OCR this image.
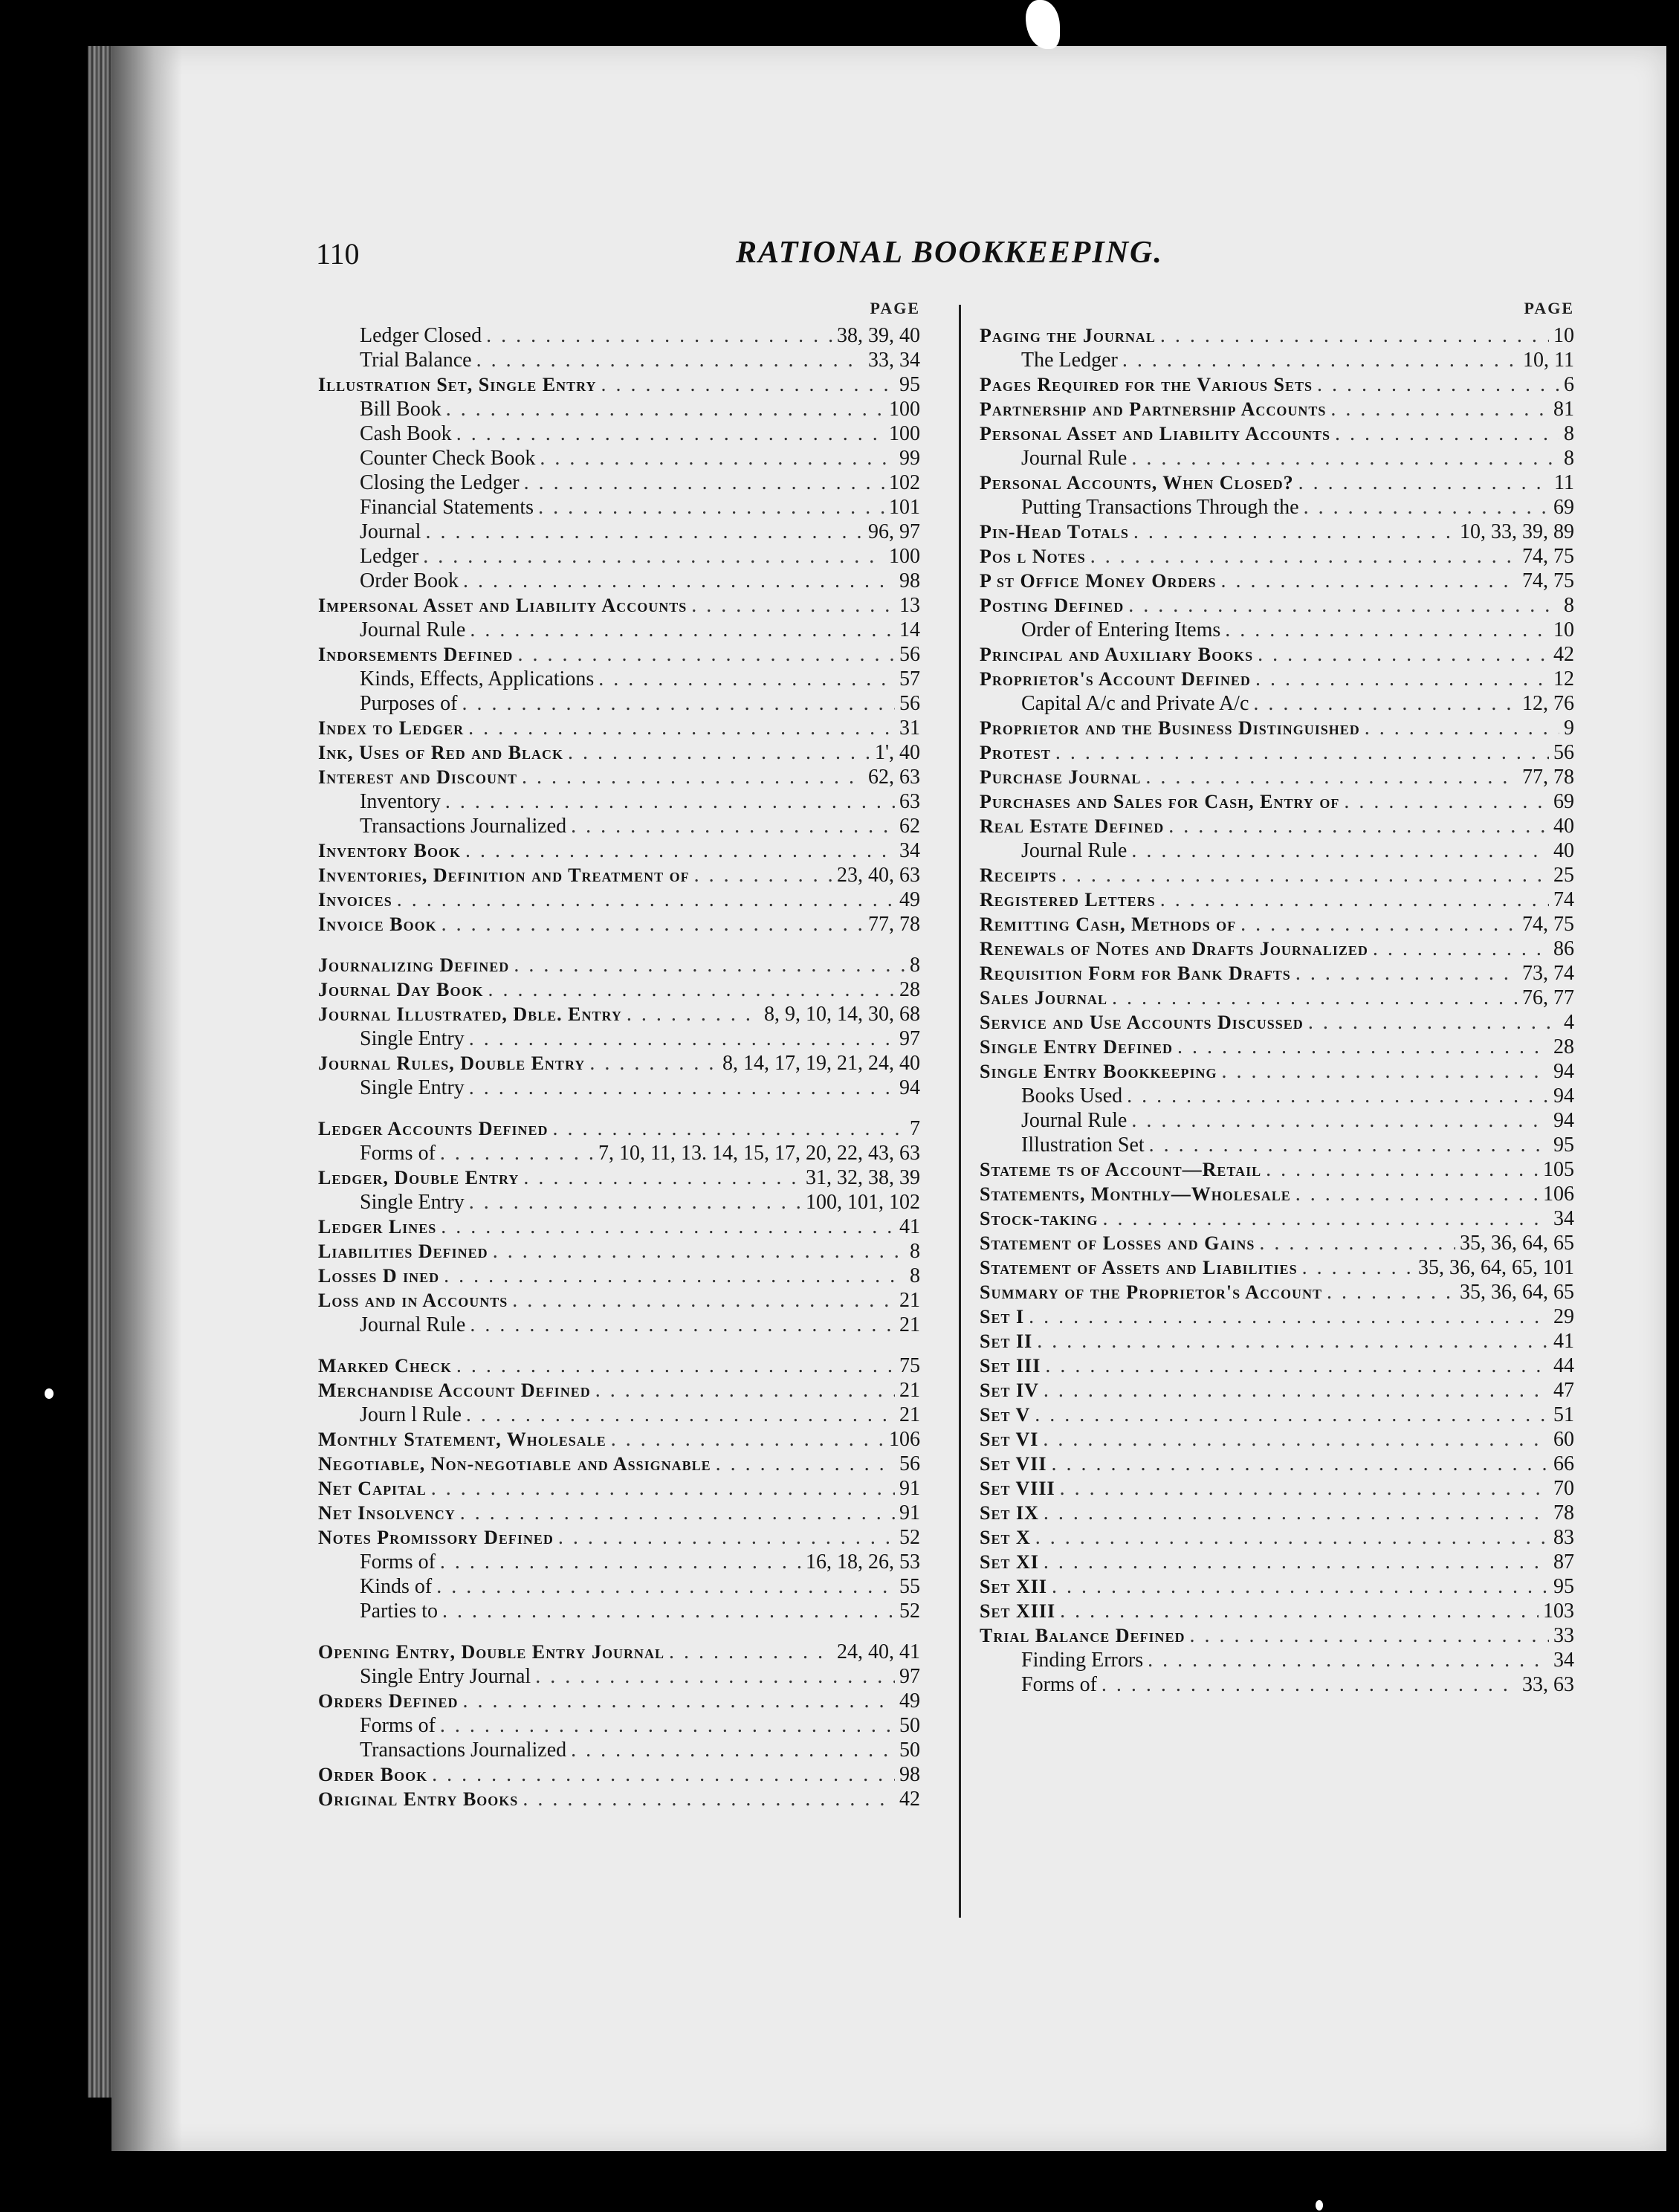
110	RATIONAL BOOKKEEPING.
PAGE
Ledger Closed . . .	38, 39, 40
Trial Balance . . .	33, 34
Illustration Set, Single Entry . . .	95
Bill Book . . .	100
Cash Book . . .	100
Counter Check Book . . .	99
Closing the Ledger . . .	102
Financial Statements . . .	101
Journal . . .	96, 97
Ledger . . .	100
Order Book . . .	98
Impersonal Asset and Liability Accounts . . .	13
Journal Rule . . .	14
Indorsements Defined . . .	56
Kinds, Effects, Applications . . .	57
Purposes of . . .	56
Index to Ledger . . .	31
Ink, Uses of Red and Black . . .	1', 40
Interest and Discount . . .	62, 63
Inventory . . .	63
Transactions Journalized . . .	62
Inventory Book . . .	34
Inventories, Definition and Treatment of . . .	23, 40, 63
Invoices . . .	49
Invoice Book . . .	77, 78
Journalizing Defined . . .	8
Journal Day Book . . .	28
Journal Illustrated, Dble. Entry . . .	8, 9, 10, 14, 30, 68
Single Entry . . .	97
Journal Rules, Double Entry . . .	8, 14, 17, 19, 21, 24, 40
Single Entry . . .	94
Ledger Accounts Defined . . .	7
Forms of . . .	7, 10, 11, 13. 14, 15, 17, 20, 22, 43, 63
Ledger, Double Entry . . .	31, 32, 38, 39
Single Entry . . .	100, 101, 102
Ledger Lines . . .	41
Liabilities Defined . . .	8
Losses D ined . . .	8
Loss and in Accounts . . .	21
Journal Rule . . .	21
Marked Check . . .	75
Merchandise Account Defined . . .	21
Journ l Rule . . .	21
Monthly Statement, Wholesale . . .	106
Negotiable, Non-negotiable and Assignable . . .	56
Net Capital . . .	91
Net Insolvency . . .	91
Notes Promissory Defined . . .	52
Forms of . . .	16, 18, 26, 53
Kinds of . . .	55
Parties to . . .	52
Opening Entry, Double Entry Journal . . .	24, 40, 41
Single Entry Journal . . .	97
Orders Defined . . .	49
Forms of . . .	50
Transactions Journalized . . .	50
Order Book . . .	98
Original Entry Books . . .	42
PAGE
Paging the Journal . . .	10
The Ledger . . .	10, 11
Pages Required for the Various Sets . . .	6
Partnership and Partnership Accounts . . .	81
Personal Asset and Liability Accounts . . .	8
Journal Rule . . .	8
Personal Accounts, When Closed? . . .	11
Putting Transactions Through the . . .	69
Pin-Head Totals . . .	10, 33, 39, 89
Pos l Notes . . .	74, 75
P st Office Money Orders . . .	74, 75
Posting Defined . . .	8
Order of Entering Items . . .	10
Principal and Auxiliary Books . . .	42
Proprietor's Account Defined . . .	12
Capital A/c and Private A/c . . .	12, 76
Proprietor and the Business Distinguished . . .	9
Protest . . .	56
Purchase Journal . . .	77, 78
Purchases and Sales for Cash, Entry of . . .	69
Real Estate Defined . . .	40
Journal Rule . . .	40
Receipts . . .	25
Registered Letters . . .	74
Remitting Cash, Methods of . . .	74, 75
Renewals of Notes and Drafts Journalized . . .	86
Requisition Form for Bank Drafts . . .	73, 74
Sales Journal . . .	76, 77
Service and Use Accounts Discussed . . .	4
Single Entry Defined . . .	28
Single Entry Bookkeeping . . .	94
Books Used . . .	94
Journal Rule . . .	94
Illustration Set . . .	95
Stateme ts of Account—Retail . . .	105
Statements, Monthly—Wholesale . . .	106
Stock-taking . . .	34
Statement of Losses and Gains . . .	35, 36, 64, 65
Statement of Assets and Liabilities . . .	35, 36, 64, 65, 101
Summary of the Proprietor's Account . . .	35, 36, 64, 65
Set I . . .	29
Set II . . .	41
Set III . . .	44
Set IV . . .	47
Set V . . .	51
Set VI . . .	60
Set VII . . .	66
Set VIII . . .	70
Set IX . . .	78
Set X . . .	83
Set XI . . .	87
Set XII . . .	95
Set XIII . . .	103
Trial Balance Defined . . .	33
Finding Errors . . .	34
Forms of . . .	33, 63
